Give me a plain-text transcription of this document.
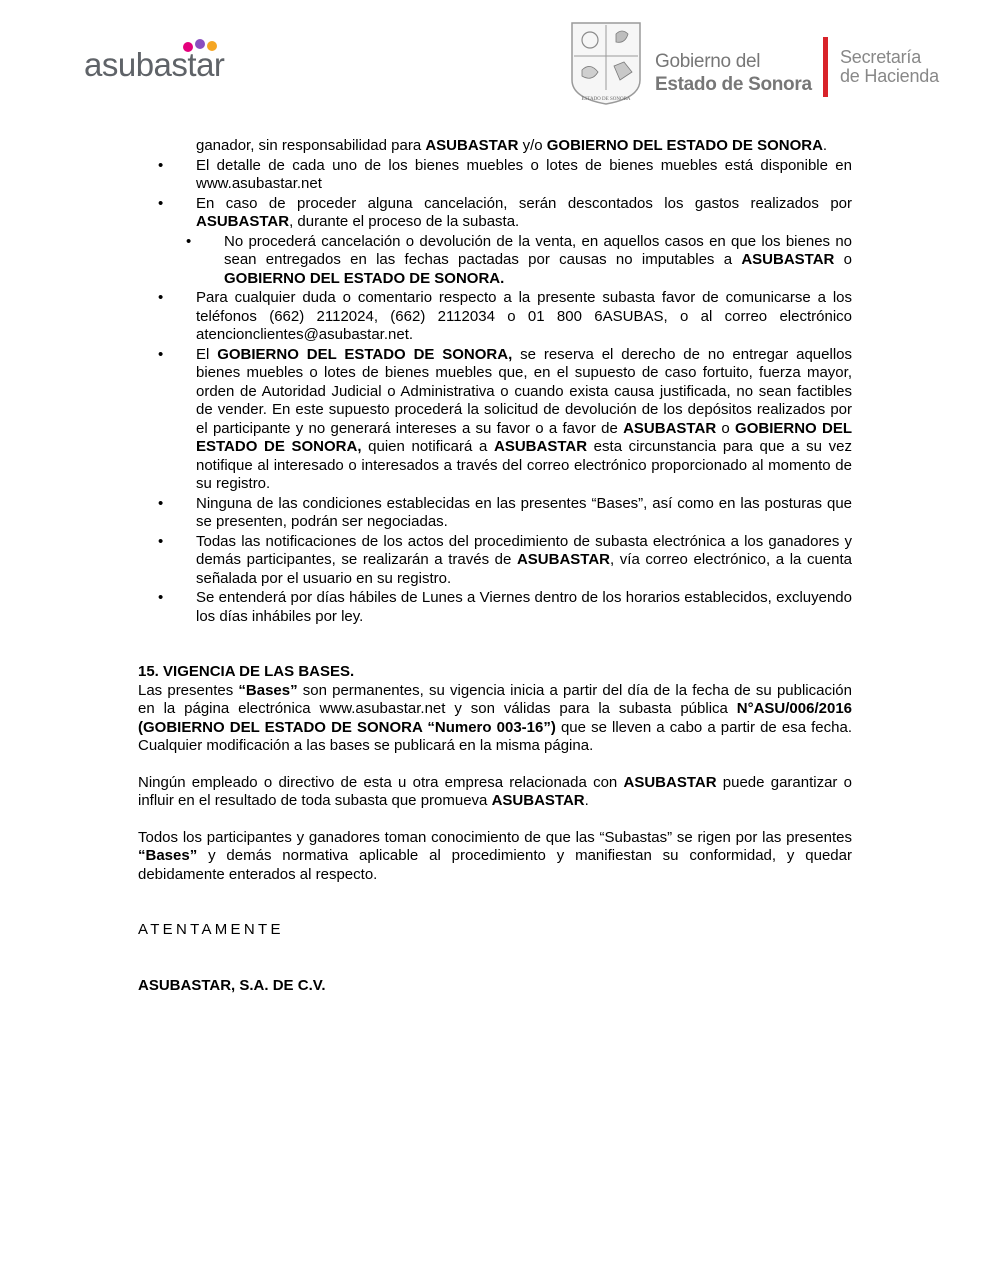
asubastar
ESTADO DE SONORA
Gobierno del
Estado de Sonora
Secretaría
de Hacienda
ganador, sin responsabilidad para ASUBASTAR y/o GOBIERNO DEL ESTADO DE SONORA.
• El detalle de cada uno de los bienes muebles o lotes de bienes muebles está disponible en www.asubastar.net
• En caso de proceder alguna cancelación, serán descontados los gastos realizados por ASUBASTAR, durante el proceso de la subasta.
• No procederá cancelación o devolución de la venta, en aquellos casos en que los bienes no sean entregados en las fechas pactadas por causas no imputables a ASUBASTAR o GOBIERNO DEL ESTADO DE SONORA.
• Para cualquier duda o comentario respecto a la presente subasta favor de comunicarse a los teléfonos (662) 2112024, (662) 2112034 o 01 800 6ASUBAS, o al correo electrónico atencionclientes@asubastar.net.
• El GOBIERNO DEL ESTADO DE SONORA, se reserva el derecho de no entregar aquellos bienes muebles o lotes de bienes muebles que, en el supuesto de caso fortuito, fuerza mayor, orden de Autoridad Judicial o Administrativa o cuando exista causa justificada, no sean factibles de vender. En este supuesto procederá la solicitud de devolución de los depósitos realizados por el participante y no generará intereses a su favor o a favor de ASUBASTAR o GOBIERNO DEL ESTADO DE SONORA, quien notificará a ASUBASTAR esta circunstancia para que a su vez notifique al interesado o interesados a través del correo electrónico proporcionado al momento de su registro.
• Ninguna de las condiciones establecidas en las presentes “Bases”, así como en las posturas que se presenten, podrán ser negociadas.
• Todas las notificaciones de los actos del procedimiento de subasta electrónica a los ganadores y demás participantes, se realizarán a través de ASUBASTAR, vía correo electrónico, a la cuenta señalada por el usuario en su registro.
• Se entenderá por días hábiles de Lunes a Viernes dentro de los horarios establecidos, excluyendo los días inhábiles por ley.
15. VIGENCIA DE LAS BASES.

Las presentes “Bases” son permanentes, su vigencia inicia a partir del día de la fecha de su publicación en la página electrónica www.asubastar.net y son válidas para la subasta pública N°ASU/006/2016 (GOBIERNO DEL ESTADO DE SONORA “Numero 003-16”) que se lleven a cabo a partir de esa fecha. Cualquier modificación a las bases se publicará en la misma página.

Ningún empleado o directivo de esta u otra empresa relacionada con ASUBASTAR puede garantizar o influir en el resultado de toda subasta que promueva ASUBASTAR.

Todos los participantes y ganadores toman conocimiento de que las “Subastas” se rigen por las presentes “Bases” y demás normativa aplicable al procedimiento y manifiestan su conformidad, y quedar debidamente enterados al respecto.

ATENTAMENTE
ASUBASTAR, S.A. DE C.V.
